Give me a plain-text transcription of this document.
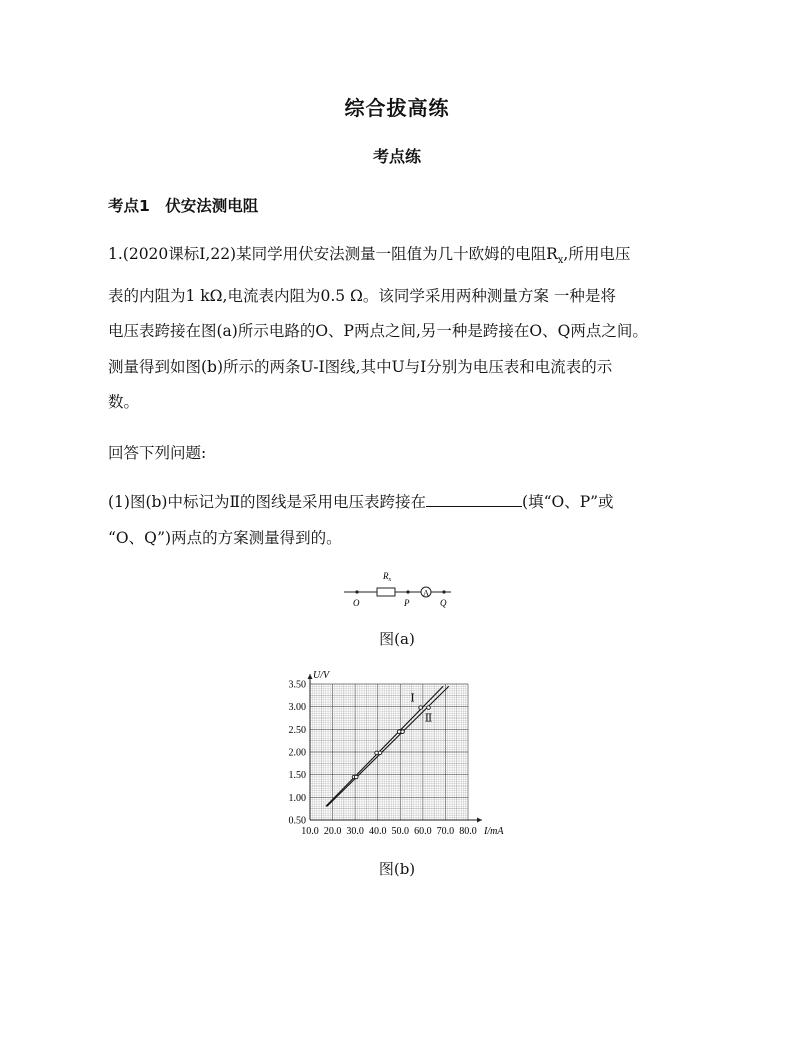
综合拔高练
考点练
考点1　伏安法测电阻
1.(2020课标Ⅰ,22)某同学用伏安法测量一阻值为几十欧姆的电阻$R_x$,所用电压
表的内阻为1 kΩ,电流表内阻为0.5 Ω。该同学采用两种测量方案 一种是将
电压表跨接在图(a)所示电路的O、P两点之间,另一种是跨接在O、Q两点之间。
测量得到如图(b)所示的两条U-I图线,其中U与I分别为电压表和电流表的示
数。
回答下列问题:
(1)图(b)中标记为Ⅱ的图线是采用电压表跨接在	(填“O、P”或
“O、Q”)两点的方案测量得到的。
A
$R_x$
O	P	Q
图(a)
10.0 20.0 30.0 40.0 50.0 60.0 70.0 80.0
0.50
1.00
1.50
2.00
2.50
3.00
3.50
I/mA
U/V
Ⅰ
Ⅱ
图(b)
